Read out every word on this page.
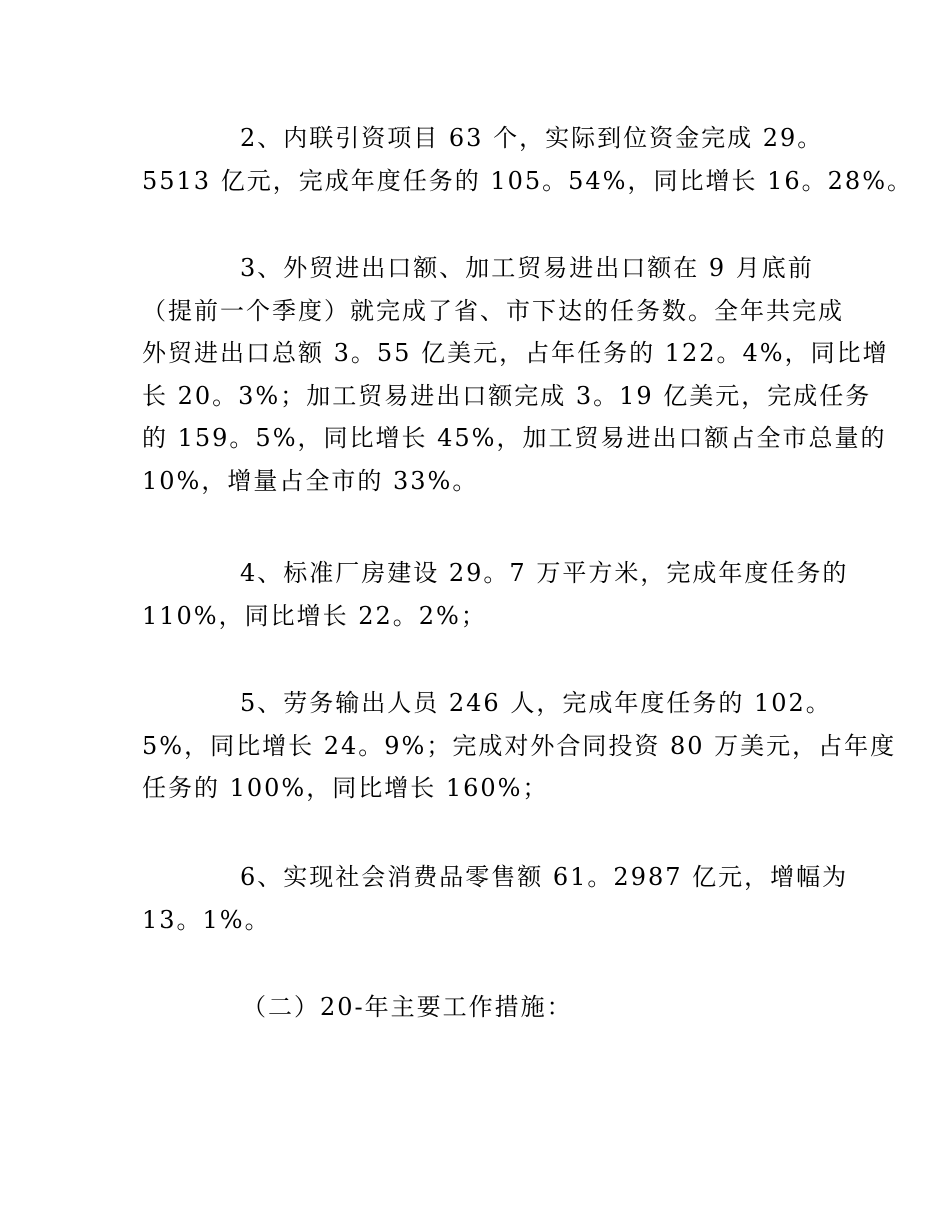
2、内联引资项目 63 个，实际到位资金完成 29。
5513 亿元，完成年度任务的 105。54%，同比增长 16。28%。
3、外贸进出口额、加工贸易进出口额在 9 月底前
（提前一个季度）就完成了省、市下达的任务数。全年共完成
外贸进出口总额 3。55 亿美元，占年任务的 122。4%，同比增
长 20。3%；加工贸易进出口额完成 3。19 亿美元，完成任务
的 159。5%，同比增长 45%，加工贸易进出口额占全市总量的
10%，增量占全市的 33%。
4、标准厂房建设 29。7 万平方米，完成年度任务的
110%，同比增长 22。2%；
5、劳务输出人员 246 人，完成年度任务的 102。
5%，同比增长 24。9%；完成对外合同投资 80 万美元，占年度
任务的 100%，同比增长 160%；
6、实现社会消费品零售额 61。2987 亿元，增幅为
13。1%。
（二）20-年主要工作措施：
